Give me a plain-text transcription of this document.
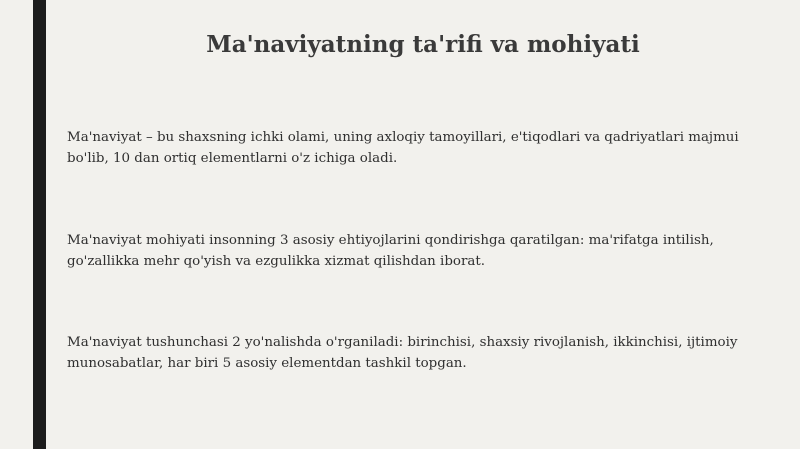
Ma'naviyatning ta'rifi va mohiyati
Ma'naviyat – bu shaxsning ichki olami, uning axloqiy tamoyillari, e'tiqodlari va qadriyatlari majmui bo'lib, 10 dan ortiq elementlarni o'z ichiga oladi.
Ma'naviyat mohiyati insonning 3 asosiy ehtiyojlarini qondirishga qaratilgan: ma'rifatga intilish, go'zallikka mehr qo'yish va ezgulikka xizmat qilishdan iborat.
Ma'naviyat tushunchasi 2 yo'nalishda o'rganiladi: birinchisi, shaxsiy rivojlanish, ikkinchisi, ijtimoiy munosabatlar, har biri 5 asosiy elementdan tashkil topgan.
